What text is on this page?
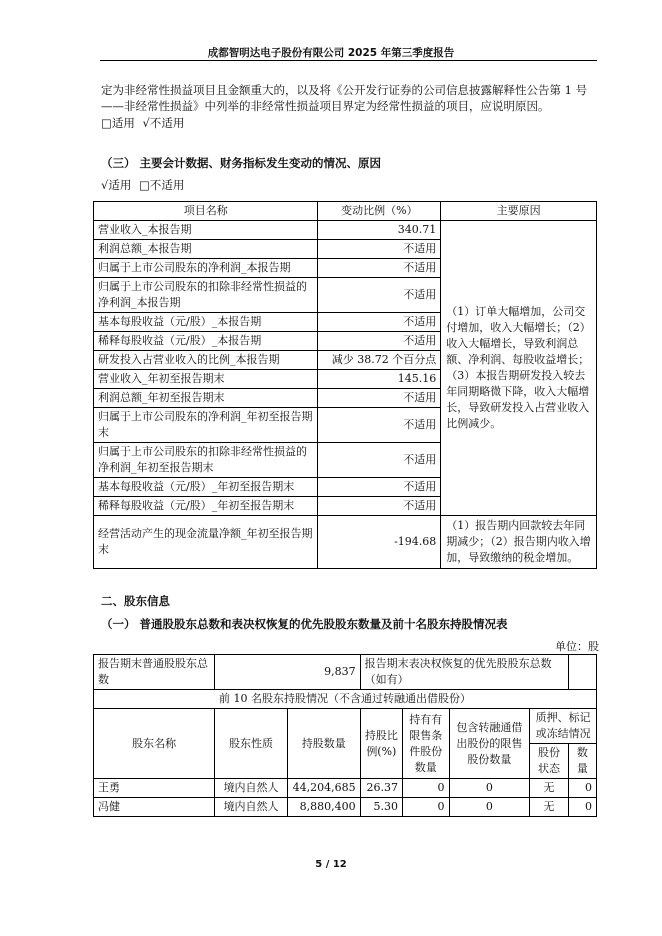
成都智明达电子股份有限公司 2025 年第三季度报告

定为非经常性损益项目且金额重大的，以及将《公开发行证券的公司信息披露解释性公告第 1 号

——非经常性损益》中列举的非经常性损益项目界定为经常性损益的项目，应说明原因。

□适用 √不适用

（三） 主要会计数据、财务指标发生变动的情况、原因

√适用 □不适用
项目名称	变动比例（%）	主要原因
营业收入_本报告期	340.71	（1）订单大幅增加，公司交付增加，收入大幅增长；（2）收入大幅增长，导致利润总额、净利润、每股收益增长；（3）本报告期研发投入较去年同期略微下降，收入大幅增长，导致研发投入占营业收入比例减少。
利润总额_本报告期	不适用	
归属于上市公司股东的净利润_本报告期	不适用	
归属于上市公司股东的扣除非经常性损益的净利润_本报告期	不适用	
基本每股收益（元/股）_本报告期	不适用	
稀释每股收益（元/股）_本报告期	不适用	
研发投入占营业收入的比例_本报告期	减少 38.72 个百分点	
营业收入_年初至报告期末	145.16	
利润总额_年初至报告期末	不适用	
归属于上市公司股东的净利润_年初至报告期末	不适用	
归属于上市公司股东的扣除非经常性损益的净利润_年初至报告期末	不适用	
基本每股收益（元/股）_年初至报告期末	不适用	
稀释每股收益（元/股）_年初至报告期末	不适用	
经营活动产生的现金流量净额_年初至报告期末	-194.68	（1）报告期内回款较去年同期减少；（2）报告期内收入增加，导致缴纳的税金增加。

二、股东信息

（一） 普通股股东总数和表决权恢复的优先股股东数量及前十名股东持股情况表

单位：股
报告期末普通股股东总数	9,837		报告期末表决权恢复的优先股股东总数（如有）				
前 10 名股东持股情况（不含通过转融通出借股份）							
股东名称	股东性质	持股数量	持股比例(%)	持有有限售条件股份数量	包含转融通借出股份的限售股份数量	质押、标记或冻结情况	
						股份状态	数量
王勇	境内自然人	44,204,685	26.37	0	0	无	0
冯健	境内自然人	8,880,400	5.30	0	0	无	0
5 / 12
